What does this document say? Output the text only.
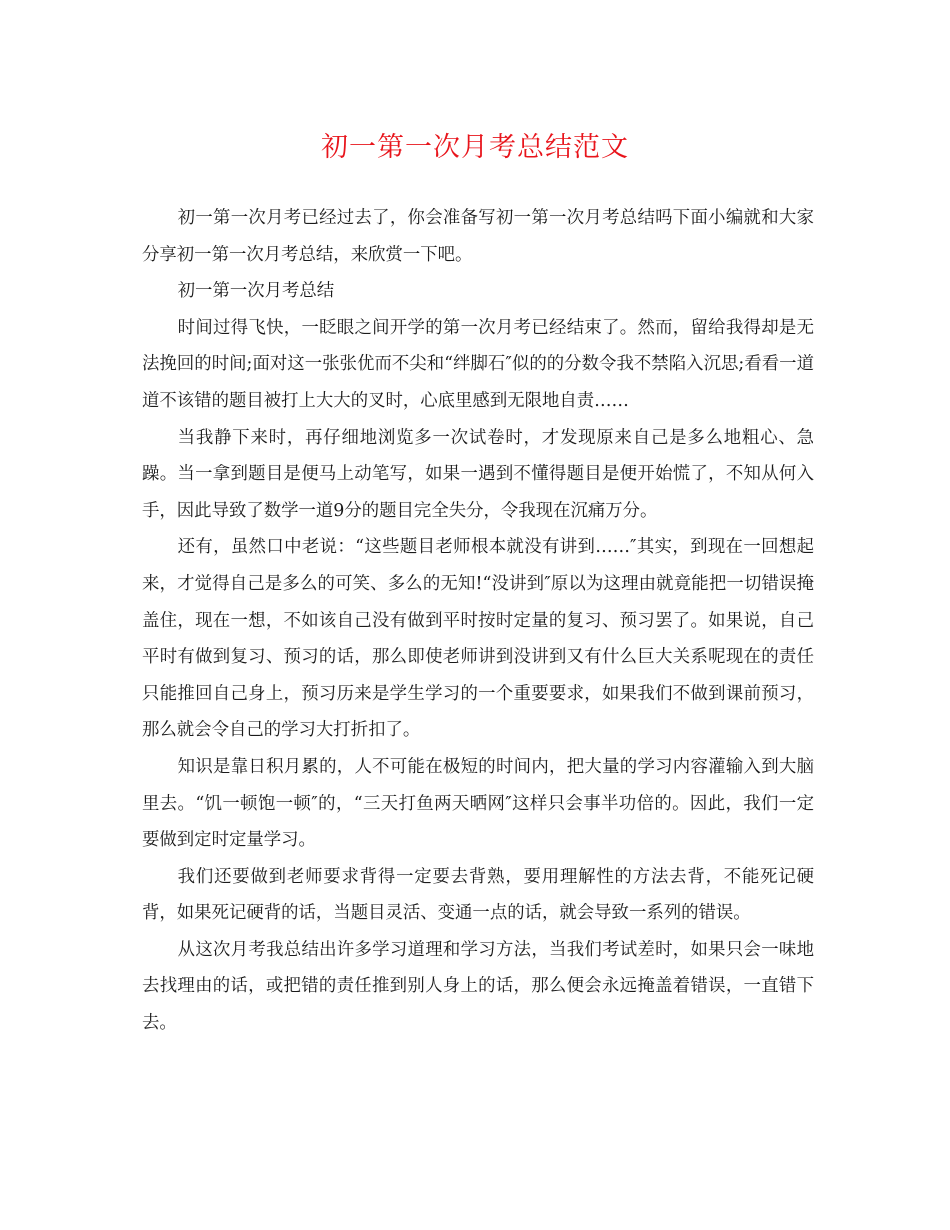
初一第一次月考总结范文

初一第一次月考已经过去了，你会准备写初一第一次月考总结吗下面小编就和大家分享初一第一次月考总结，来欣赏一下吧。

初一第一次月考总结

时间过得飞快，一眨眼之间开学的第一次月考已经结束了。然而，留给我得却是无法挽回的时间;面对这一张张优而不尖和“绊脚石″似的的分数令我不禁陷入沉思;看看一道道不该错的题目被打上大大的叉时，心底里感到无限地自责……

当我静下来时，再仔细地浏览多一次试卷时，才发现原来自己是多么地粗心、急躁。当一拿到题目是便马上动笔写，如果一遇到不懂得题目是便开始慌了，不知从何入手，因此导致了数学一道9分的题目完全失分，令我现在沉痛万分。

还有，虽然口中老说：“这些题目老师根本就没有讲到……″其实，到现在一回想起来，才觉得自己是多么的可笑、多么的无知!“没讲到″原以为这理由就竟能把一切错误掩盖住，现在一想，不如该自己没有做到平时按时定量的复习、预习罢了。如果说，自己平时有做到复习、预习的话，那么即使老师讲到没讲到又有什么巨大关系呢现在的责任只能推回自己身上，预习历来是学生学习的一个重要要求，如果我们不做到课前预习，那么就会令自己的学习大打折扣了。

知识是靠日积月累的，人不可能在极短的时间内，把大量的学习内容灌输入到大脑里去。“饥一顿饱一顿″的，“三天打鱼两天晒网″这样只会事半功倍的。因此，我们一定要做到定时定量学习。

我们还要做到老师要求背得一定要去背熟，要用理解性的方法去背，不能死记硬背，如果死记硬背的话，当题目灵活、变通一点的话，就会导致一系列的错误。

从这次月考我总结出许多学习道理和学习方法，当我们考试差时，如果只会一味地去找理由的话，或把错的责任推到别人身上的话，那么便会永远掩盖着错误，一直错下去。
